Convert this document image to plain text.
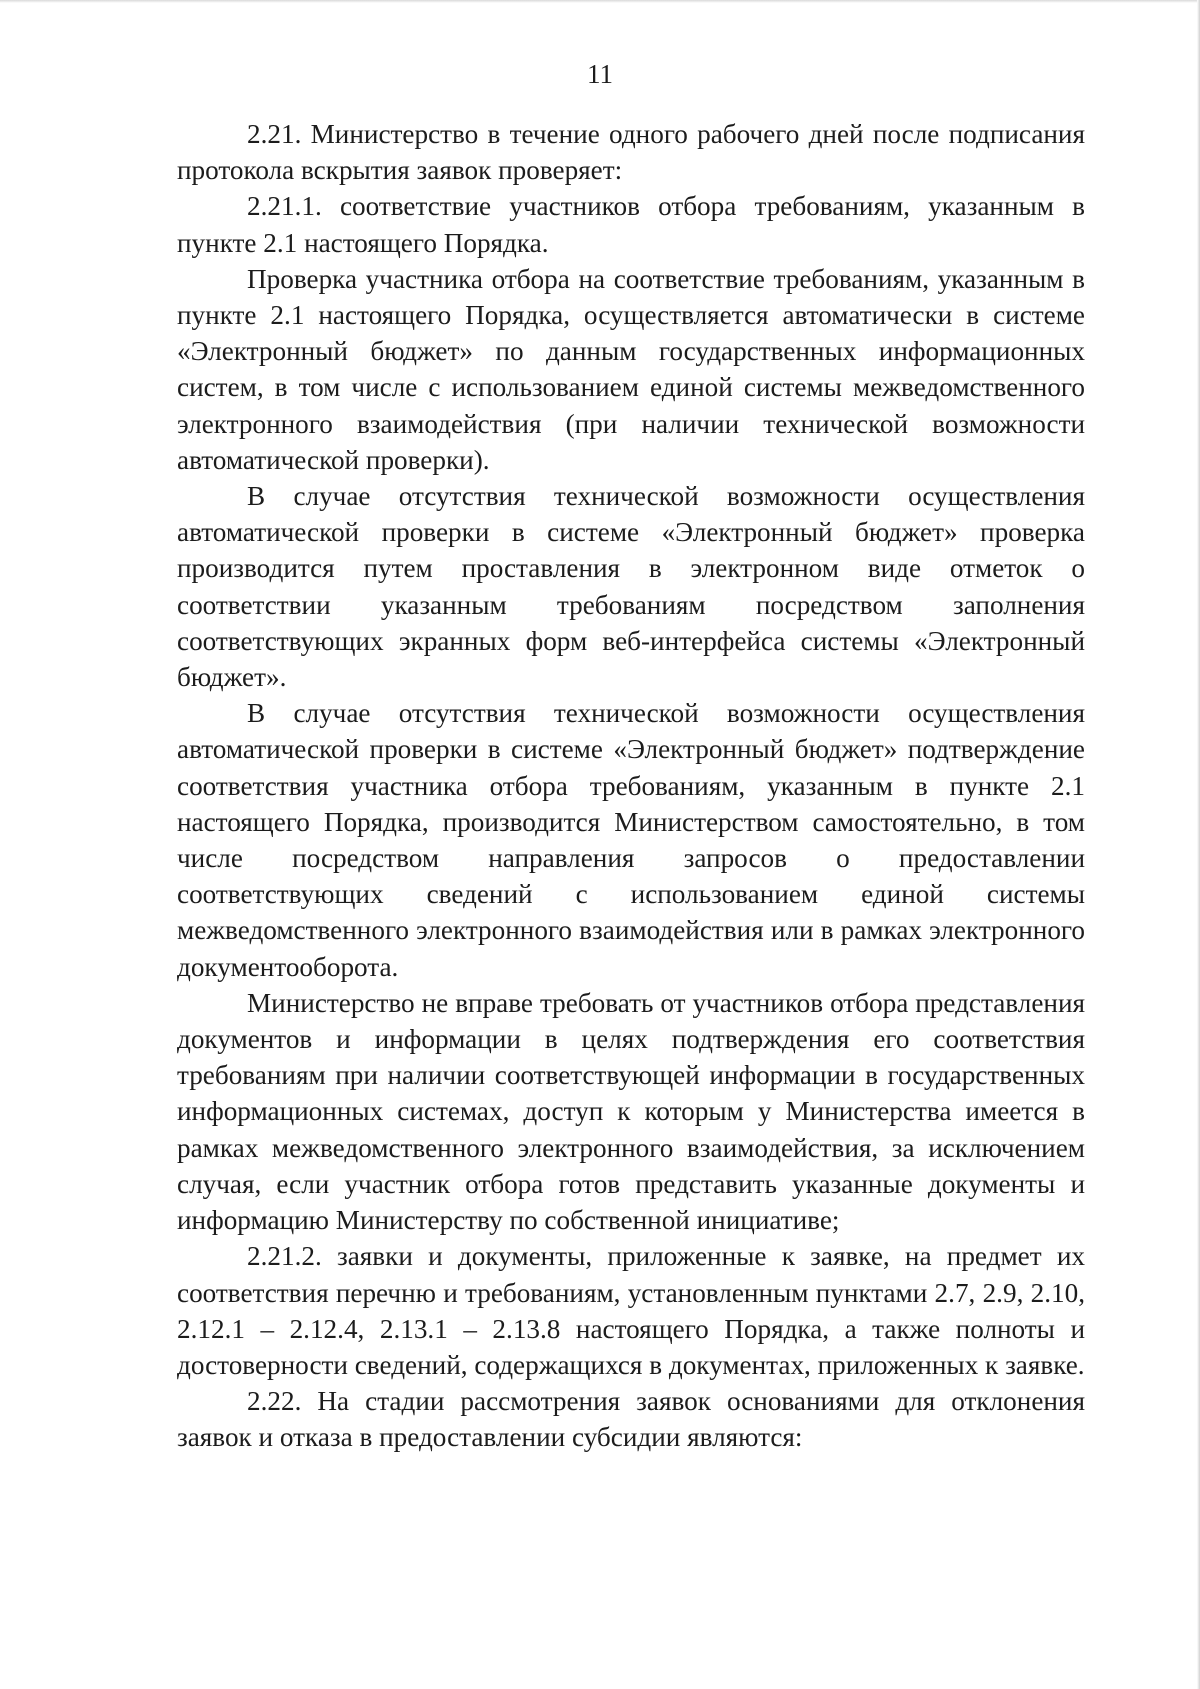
11

2.21. Министерство в течение одного рабочего дней после подписания протокола вскрытия заявок проверяет:

2.21.1. соответствие участников отбора требованиям, указанным в пункте 2.1 настоящего Порядка.

Проверка участника отбора на соответствие требованиям, указанным в пункте 2.1 настоящего Порядка, осуществляется автоматически в системе «Электронный бюджет» по данным государственных информационных систем, в том числе с использованием единой системы межведомственного электронного взаимодействия (при наличии технической возможности автоматической проверки).

В случае отсутствия технической возможности осуществления автоматической проверки в системе «Электронный бюджет» проверка производится путем проставления в электронном виде отметок о соответствии указанным требованиям посредством заполнения соответствующих экранных форм веб-интерфейса системы «Электронный бюджет».

В случае отсутствия технической возможности осуществления автоматической проверки в системе «Электронный бюджет» подтверждение соответствия участника отбора требованиям, указанным в пункте 2.1 настоящего Порядка, производится Министерством самостоятельно, в том числе посредством направления запросов о предоставлении соответствующих сведений с использованием единой системы межведомственного электронного взаимодействия или в рамках электронного документооборота.

Министерство не вправе требовать от участников отбора представления документов и информации в целях подтверждения его соответствия требованиям при наличии соответствующей информации в государственных информационных системах, доступ к которым у Министерства имеется в рамках межведомственного электронного взаимодействия, за исключением случая, если участник отбора готов представить указанные документы и информацию Министерству по собственной инициативе;

2.21.2. заявки и документы, приложенные к заявке, на предмет их соответствия перечню и требованиям, установленным пунктами 2.7, 2.9, 2.10, 2.12.1 – 2.12.4, 2.13.1 – 2.13.8 настоящего Порядка, а также полноты и достоверности сведений, содержащихся в документах, приложенных к заявке.

2.22. На стадии рассмотрения заявок основаниями для отклонения заявок и отказа в предоставлении субсидии являются:
